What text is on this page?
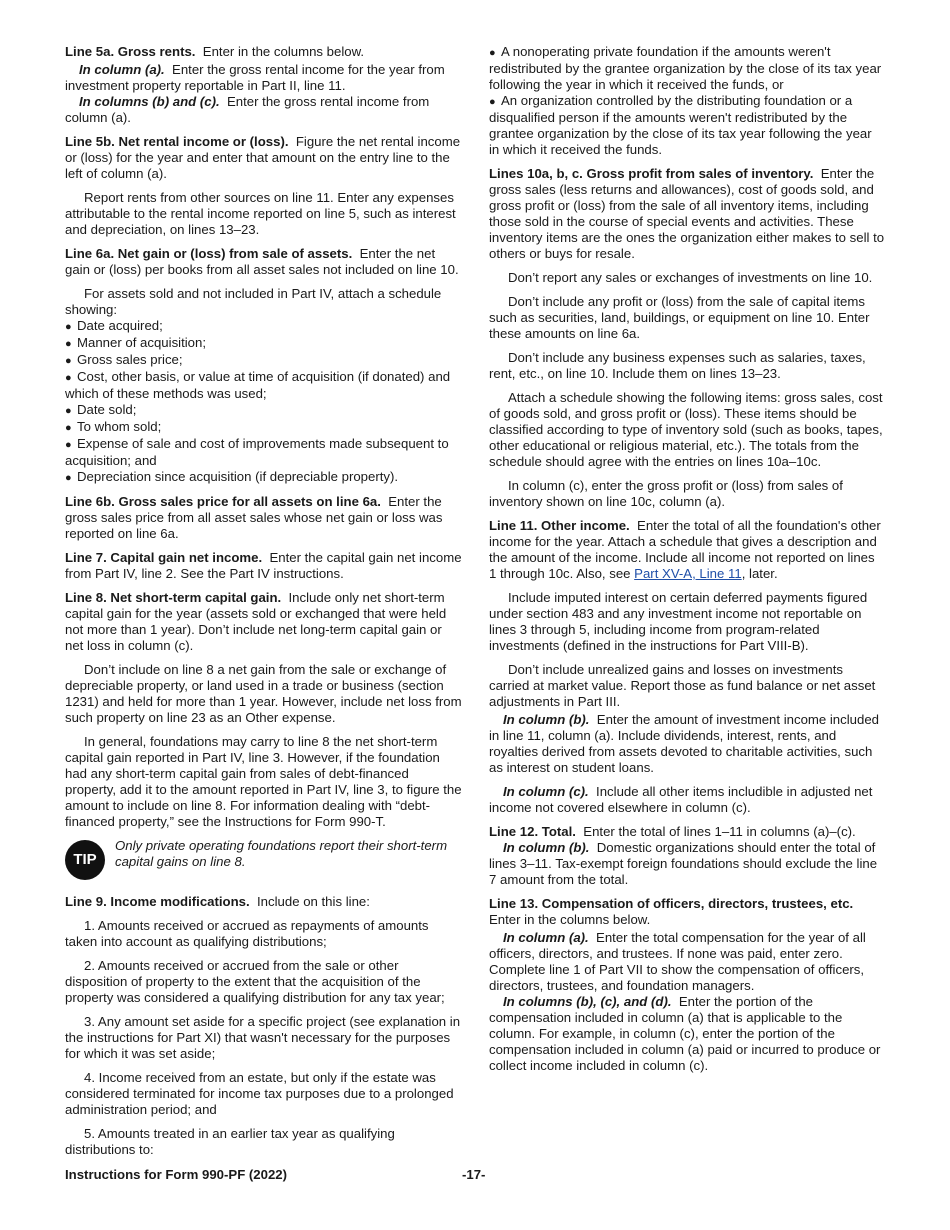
Line 5a. Gross rents. Enter in the columns below.

In column (a). Enter the gross rental income for the year from investment property reportable in Part II, line 11.

In columns (b) and (c). Enter the gross rental income from column (a).

Line 5b. Net rental income or (loss). Figure the net rental income or (loss) for the year and enter that amount on the entry line to the left of column (a).

Report rents from other sources on line 11. Enter any expenses attributable to the rental income reported on line 5, such as interest and depreciation, on lines 13–23.

Line 6a. Net gain or (loss) from sale of assets. Enter the net gain or (loss) per books from all asset sales not included on line 10.

For assets sold and not included in Part IV, attach a schedule showing:

● Date acquired;
● Manner of acquisition;
● Gross sales price;
● Cost, other basis, or value at time of acquisition (if donated) and which of these methods was used;
● Date sold;
● To whom sold;
● Expense of sale and cost of improvements made subsequent to acquisition; and
● Depreciation since acquisition (if depreciable property).

Line 6b. Gross sales price for all assets on line 6a. Enter the gross sales price from all asset sales whose net gain or loss was reported on line 6a.

Line 7. Capital gain net income. Enter the capital gain net income from Part IV, line 2. See the Part IV instructions.

Line 8. Net short-term capital gain. Include only net short-term capital gain for the year (assets sold or exchanged that were held not more than 1 year). Don’t include net long-term capital gain or net loss in column (c).

Don’t include on line 8 a net gain from the sale or exchange of depreciable property, or land used in a trade or business (section 1231) and held for more than 1 year. However, include net loss from such property on line 23 as an Other expense.

In general, foundations may carry to line 8 the net short-term capital gain reported in Part IV, line 3. However, if the foundation had any short-term capital gain from sales of debt-financed property, add it to the amount reported in Part IV, line 3, to figure the amount to include on line 8. For information dealing with “debt-financed property,” see the Instructions for Form 990-T.

TIP
Only private operating foundations report their short-term capital gains on line 8.

Line 9. Income modifications. Include on this line:

1. Amounts received or accrued as repayments of amounts taken into account as qualifying distributions;

2. Amounts received or accrued from the sale or other disposition of property to the extent that the acquisition of the property was considered a qualifying distribution for any tax year;

3. Any amount set aside for a specific project (see explanation in the instructions for Part XI) that wasn't necessary for the purposes for which it was set aside;

4. Income received from an estate, but only if the estate was considered terminated for income tax purposes due to a prolonged administration period; and

5. Amounts treated in an earlier tax year as qualifying distributions to:

● A nonoperating private foundation if the amounts weren't redistributed by the grantee organization by the close of its tax year following the year in which it received the funds, or
● An organization controlled by the distributing foundation or a disqualified person if the amounts weren't redistributed by the grantee organization by the close of its tax year following the year in which it received the funds.

Lines 10a, b, c. Gross profit from sales of inventory. Enter the gross sales (less returns and allowances), cost of goods sold, and gross profit or (loss) from the sale of all inventory items, including those sold in the course of special events and activities. These inventory items are the ones the organization either makes to sell to others or buys for resale.

Don’t report any sales or exchanges of investments on line 10.

Don’t include any profit or (loss) from the sale of capital items such as securities, land, buildings, or equipment on line 10. Enter these amounts on line 6a.

Don’t include any business expenses such as salaries, taxes, rent, etc., on line 10. Include them on lines 13–23.

Attach a schedule showing the following items: gross sales, cost of goods sold, and gross profit or (loss). These items should be classified according to type of inventory sold (such as books, tapes, other educational or religious material, etc.). The totals from the schedule should agree with the entries on lines 10a–10c.

In column (c), enter the gross profit or (loss) from sales of inventory shown on line 10c, column (a).

Line 11. Other income. Enter the total of all the foundation's other income for the year. Attach a schedule that gives a description and the amount of the income. Include all income not reported on lines 1 through 10c. Also, see Part XV-A, Line 11, later.

Include imputed interest on certain deferred payments figured under section 483 and any investment income not reportable on lines 3 through 5, including income from program-related investments (defined in the instructions for Part VIII-B).

Don’t include unrealized gains and losses on investments carried at market value. Report those as fund balance or net asset adjustments in Part III.

In column (b). Enter the amount of investment income included in line 11, column (a). Include dividends, interest, rents, and royalties derived from assets devoted to charitable activities, such as interest on student loans.

In column (c). Include all other items includible in adjusted net income not covered elsewhere in column (c).

Line 12. Total. Enter the total of lines 1–11 in columns (a)–(c).

In column (b). Domestic organizations should enter the total of lines 3–11. Tax-exempt foreign foundations should exclude the line 7 amount from the total.

Line 13. Compensation of officers, directors, trustees, etc. Enter in the columns below.

In column (a). Enter the total compensation for the year of all officers, directors, and trustees. If none was paid, enter zero. Complete line 1 of Part VII to show the compensation of officers, directors, trustees, and foundation managers.

In columns (b), (c), and (d). Enter the portion of the compensation included in column (a) that is applicable to the column. For example, in column (c), enter the portion of the compensation included in column (a) paid or incurred to produce or collect income included in column (c).

Instructions for Form 990-PF (2022)	-17-
